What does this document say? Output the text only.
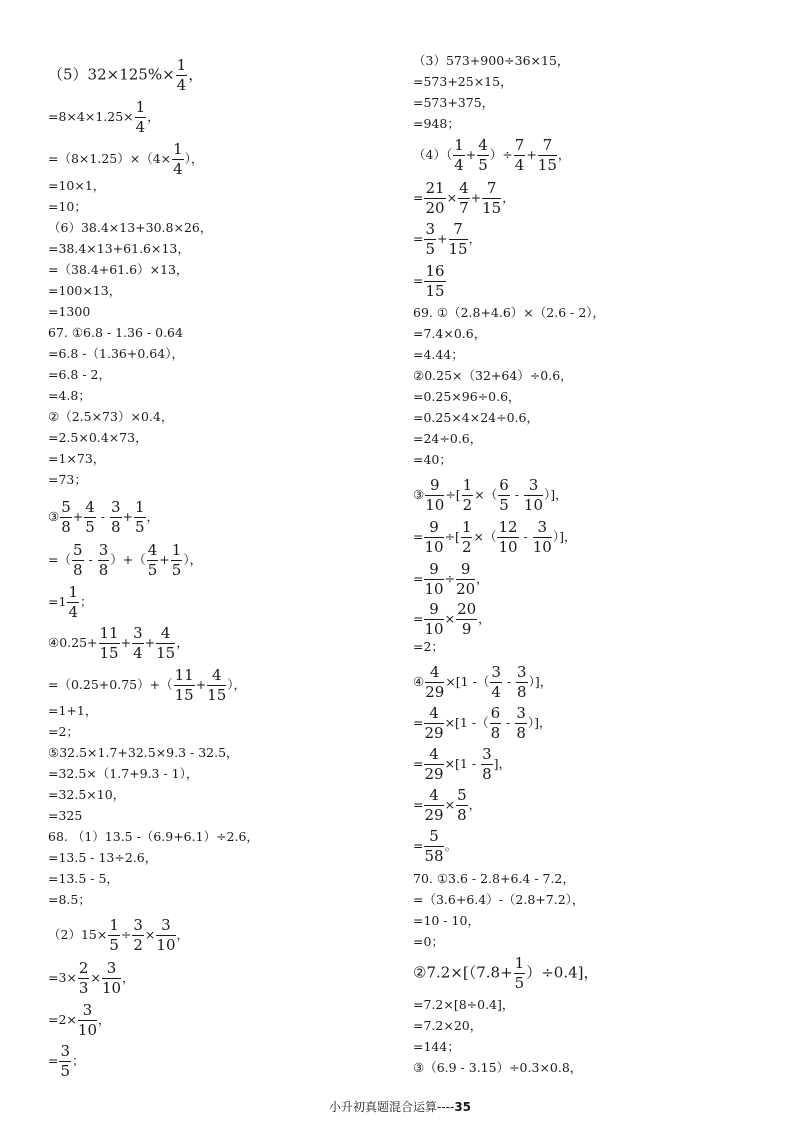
$(5)32\times 125\%\times \frac{1}{4}$ ，
$=8\times 4\times 1.25\times \frac{1}{4}$ ，
$=(8\times 1.25)\times(4\times \frac{1}{4}$ ），
=10×1，
=10；
（6）38.4×13+30.8×26，
=38.4×13+61.6×13，
=（38.4+61.6）×13，
=100×13，
=1300
67. ①6.8 - 1.36 - 0.64
=6.8 -（1.36+0.64），
=6.8 - 2，
=4.8；
②（2.5×73）×0.4，
=2.5×0.4×73，
=1×73，
=73；
③ $\frac{5}{8} + \frac{4}{5} - \frac{3}{8} + \frac{1}{5}$ ，
=（ $\frac{5}{8} - \frac{3}{8}$ ）+（ $\frac{4}{5} + \frac{1}{5}$ ），
$=1 \frac{1}{4}$ ；
④0.25+ $\frac{11}{15} + \frac{3}{4} + \frac{4}{15}$ ，
$=(0.25+0.75)+( \frac{11}{15} + \frac{4}{15}$ ），
=1+1，
=2；
⑤32.5×1.7+32.5×9.3 - 32.5，
=32.5×（1.7+9.3 - 1），
=32.5×10，
=325
68. （1）13.5 -（6.9+6.1）÷2.6，
=13.5 - 13÷2.6，
=13.5 - 5，
=8.5；
$(2)15\times \frac{1}{5} \div \frac{3}{2} \times \frac{3}{10}$ ，
$=3\times \frac{2}{3} \times \frac{3}{10}$ ，
$=2\times \frac{3}{10}$ ，
= $\frac{3}{5}$ ；
（3）573+900÷36×15，
=573+25×15，
=573+375，
=948；
$(4)( \frac{1}{4} + \frac{4}{5}$ ）÷ $\frac{7}{4} + \frac{7}{15}$ ，
= $\frac{21}{20} \times \frac{4}{7} + \frac{7}{15}$ ，
= $\frac{3}{5} + \frac{7}{15}$ ，
= $\frac{16}{15}$
69. ①（2.8+4.6）×（2.6 - 2），
=7.4×0.6，
=4.44；
②0.25×（32+64）÷0.6，
=0.25×96÷0.6，
=0.25×4×24÷0.6，
=24÷0.6，
=40；
③ $\frac{9}{10}$ ÷[ $\frac{1}{2}$ ×（ $\frac{6}{5} - \frac{3}{10}$ ）]，
= $\frac{9}{10}$ ÷[ $\frac{1}{2}$ ×（ $\frac{12}{10} - \frac{3}{10}$ ）]，
= $\frac{9}{10} \div \frac{9}{20}$ ，
= $\frac{9}{10} \times \frac{20}{9}$ ，
=2；
④ $\frac{4}{29} \times[1$ -（ $\frac{3}{4} - \frac{3}{8}$ ）]，
= $\frac{4}{29} \times[1$ -（ $\frac{6}{8} - \frac{3}{8}$ ）]，
= $\frac{4}{29} \times[1 - \frac{3}{8}$ ]，
= $\frac{4}{29} \times \frac{5}{8}$ ，
= $\frac{5}{58}$ 。
70. ①3.6 - 2.8+6.4 - 7.2，
=（3.6+6.4）-（2.8+7.2），
=10 - 10，
=0；
②7.2×[（7.8+ $\frac{1}{5} )\div 0.4$]，
=7.2×[8÷0.4]，
=7.2×20，
=144；
③（6.9 - 3.15）÷0.3×0.8，
小升初真题混合运算----35
